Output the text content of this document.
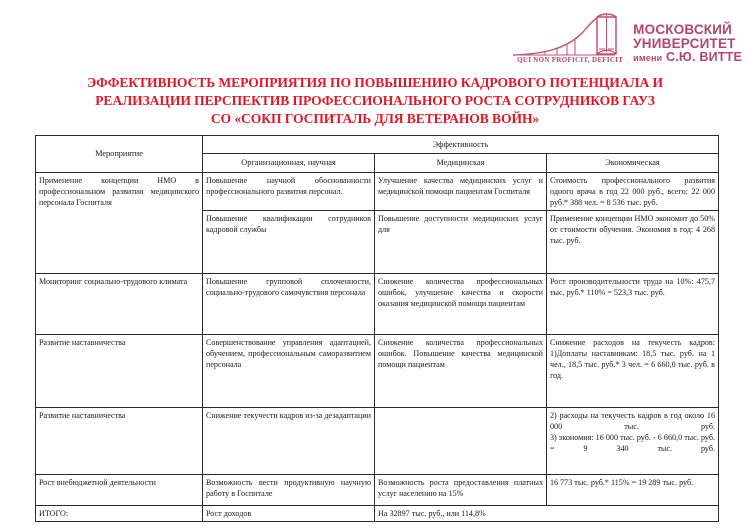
QUI NON PROFICIT, DEFICIT
МОСКОВСКИЙ
УНИВЕРСИТЕТ
имени С.Ю. ВИТТЕ
ЭФФЕКТИВНОСТЬ МЕРОПРИЯТИЯ ПО ПОВЫШЕНИЮ КАДРОВОГО ПОТЕНЦИАЛА И
РЕАЛИЗАЦИИ ПЕРСПЕКТИВ ПРОФЕССИОНАЛЬНОГО РОСТА СОТРУДНИКОВ ГАУЗ
СО «СОКП ГОСПИТАЛЬ ДЛЯ ВЕТЕРАНОВ ВОЙН»
Мероприятие	Эффективность		
	Организационная, научная	Медицинская	Экономическая
Применение концепции НМО в профессиональном развитии медицинского персонала Госпиталя	Повышение научной обоснованности профессионального развития персонал.	Улучшение качества медицинских услуг и медицинской помощи пациентам Госпиталя	Стоимость профессионального развития одного врача в год 22 000 руб., всего: 22 000 руб.* 388 чел. = 8 536 тыс. руб.
	Повышение квалификации сотрудников кадровой службы	Повышение доступности медицинских услуг для	Применение концепции НМО экономит до 50% от стоимости обучения. Экономия в год: 4 268 тыс. руб.
Мониторинг социально-трудового климата	Повышение групповой сплоченности, социально-трудового самочувствия персонала	Снижение количества профессиональных ошибок, улучшение качества и скорости оказания медицинской помощи пациентам	Рост производительности труда на 10%: 475,7 тыс. руб.* 110% = 523,3 тыс. руб.
Развитие наставничества	Совершенствование управления адаптацией, обучением, профессиональным саморазвитием персонала	Снижение количества профессиональных ошибок. Повышение качества медицинской помощи пациентам	Снижение расходов на текучесть кадров:

1)Доплаты наставникам: 18,5 тыс. руб. на 1 чел., 18,5 тыс. руб.* 3 чел. = 6 660,0 тыс. руб. в год.

Развитие наставничества	Снижение текучести кадров из-за дезадаптации		2) расходы на текучесть кадров в год около 16 000 тыс. руб.

3) экономия: 16 000 тыс. руб. - 6 660,0 тыс. руб. = 9 340 тыс. руб.

Рост внебюджетной деятельности	Возможность вести продуктивную научную работу в Госпитале	Возможность роста предоставления платных услуг населению на 15%	16 773 тыс. руб.* 115% = 19 289 тыс. руб.
ИТОГО:	Рост доходов	На 32897 тыс. руб., или 114,8%	
